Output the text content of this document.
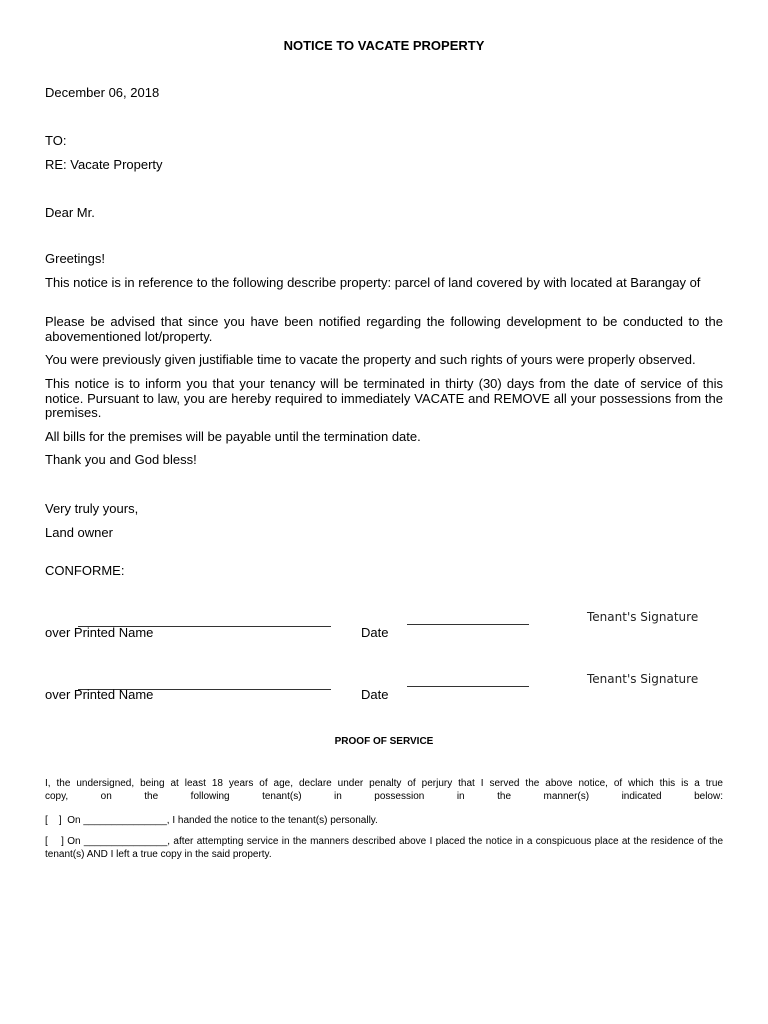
NOTICE TO VACATE PROPERTY
December 06, 2018
TO:
RE: Vacate Property
Dear Mr.
Greetings!

This notice is in reference to the following describe property: parcel of land covered by with located at Barangay of

Please be advised that since you have been notified regarding the following development to be conducted to the abovementioned lot/property.

You were previously given justifiable time to vacate the property and such rights of yours were properly observed.

This notice is to inform you that your tenancy will be terminated in thirty (30) days from the date of service of this notice. Pursuant to law, you are hereby required to immediately VACATE and REMOVE all your possessions from the premises.

All bills for the premises will be payable until the termination date.

Thank you and God bless!

Very truly yours,
Land owner
CONFORME:
Tenant's Signature
over Printed Name	Date
Tenant's Signature
over Printed Name	Date
PROOF OF SERVICE

I, the undersigned, being at least 18 years of age, declare under penalty of perjury that I served the above notice, of which this is a true

copy, on the following tenant(s) in possession in the manner(s) indicated below:

[    ]  On _______________, I handed the notice to the tenant(s) personally.

[    ] On _______________, after attempting service in the manners described above I placed the notice in a conspicuous place at the residence of the tenant(s) AND I left a true copy in the said property.
